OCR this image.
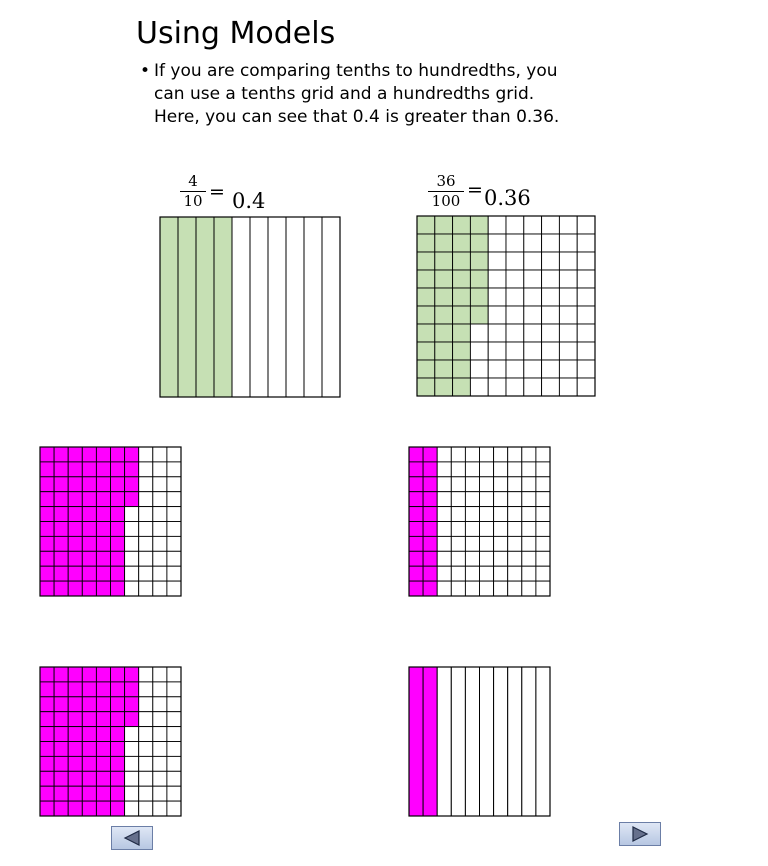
Using Models
• If you are comparing tenths to hundredths, you
can use a tenths grid and a hundredths grid.
Here, you can see that 0.4 is greater than 0.36.
4
10 = 0.4
36
100 = 0.36
